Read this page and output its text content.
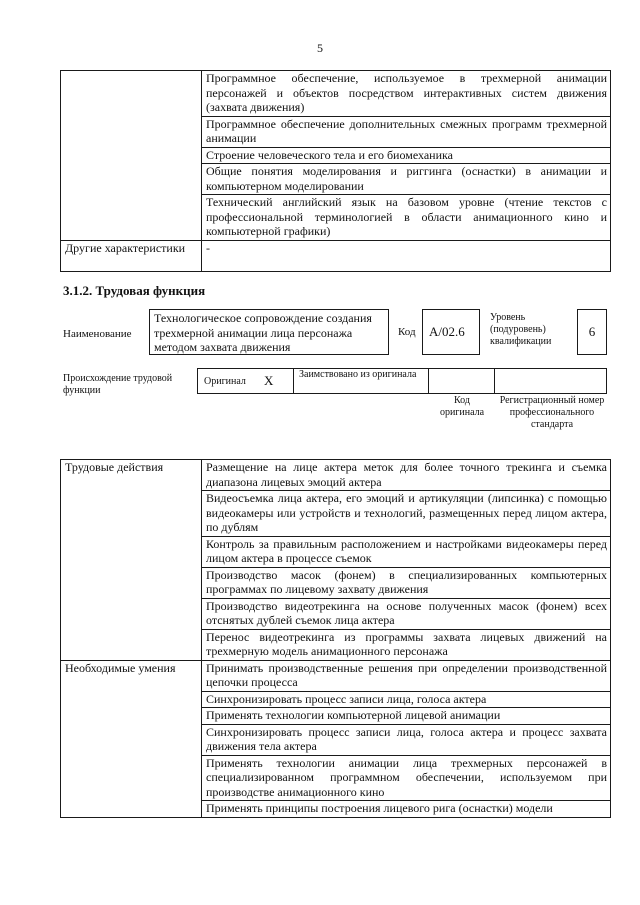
5
	Программное обеспечение, используемое в трехмерной анимации персонажей и объектов посредством интерактивных систем движения (захвата движения)
	Программное обеспечение дополнительных смежных программ трехмерной анимации
	Строение человеческого тела и его биомеханика
	Общие понятия моделирования и риггинга (оснастки) в анимации и компьютерном моделировании
	Технический английский язык на базовом уровне (чтение текстов с профессиональной терминологией в области анимационного кино и компьютерной графики)
Другие характеристики	-
3.1.2. Трудовая функция
Наименование
Технологическое сопровождение создания трехмерной анимации лица персонажа методом захвата движения
Код	A/02.6
Уровень (подуровень) квалификации
6
Происхождение трудовой функции
Оригинал X	Заимствовано из оригинала
Код оригинала
Регистрационный номер профессионального стандарта
Трудовые действия	Размещение на лице актера меток для более точного трекинга и съемка диапазона лицевых эмоций актера
	Видеосъемка лица актера, его эмоций и артикуляции (липсинка) с помощью видеокамеры или устройств и технологий, размещенных перед лицом актера, по дублям
	Контроль за правильным расположением и настройками видеокамеры перед лицом актера в процессе съемок
	Производство масок (фонем) в специализированных компьютерных программах по лицевому захвату движения
	Производство видеотрекинга на основе полученных масок (фонем) всех отснятых дублей съемок лица актера
	Перенос видеотрекинга из программы захвата лицевых движений на трехмерную модель анимационного персонажа
Необходимые умения	Принимать производственные решения при определении производственной цепочки процесса
	Синхронизировать процесс записи лица, голоса актера
	Применять технологии компьютерной лицевой анимации
	Синхронизировать процесс записи лица, голоса актера и процесс захвата движения тела актера
	Применять технологии анимации лица трехмерных персонажей в специализированном программном обеспечении, используемом при производстве анимационного кино
	Применять принципы построения лицевого рига (оснастки) модели
